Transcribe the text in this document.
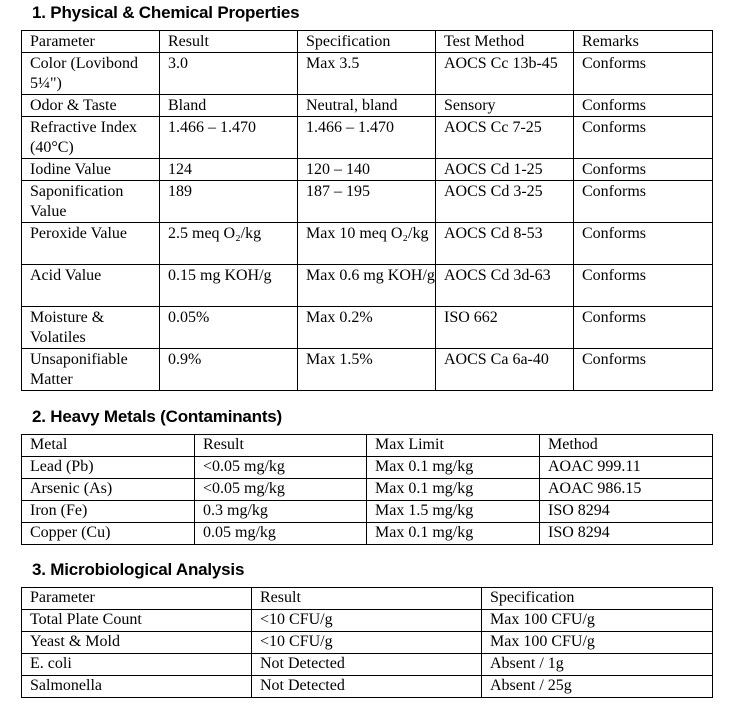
1. Physical & Chemical Properties
Parameter	Result	Specification	Test Method	Remarks
Color (Lovibond 5¼")	3.0	Max 3.5	AOCS Cc 13b-45	Conforms
Odor & Taste	Bland	Neutral, bland	Sensory	Conforms
Refractive Index (40°C)	1.466 – 1.470	1.466 – 1.470	AOCS Cc 7-25	Conforms
Iodine Value	124	120 – 140	AOCS Cd 1-25	Conforms
Saponification Value	189	187 – 195	AOCS Cd 3-25	Conforms
Peroxide Value	2.5 meq O₂/kg	Max 10 meq O₂/kg	AOCS Cd 8-53	Conforms
Acid Value	0.15 mg KOH/g	Max 0.6 mg KOH/g	AOCS Cd 3d-63	Conforms
Moisture & Volatiles	0.05%	Max 0.2%	ISO 662	Conforms
Unsaponifiable Matter	0.9%	Max 1.5%	AOCS Ca 6a-40	Conforms
2. Heavy Metals (Contaminants)
Metal	Result	Max Limit	Method
Lead (Pb)	<0.05 mg/kg	Max 0.1 mg/kg	AOAC 999.11
Arsenic (As)	<0.05 mg/kg	Max 0.1 mg/kg	AOAC 986.15
Iron (Fe)	0.3 mg/kg	Max 1.5 mg/kg	ISO 8294
Copper (Cu)	0.05 mg/kg	Max 0.1 mg/kg	ISO 8294
3. Microbiological Analysis
Parameter	Result	Specification
Total Plate Count	<10 CFU/g	Max 100 CFU/g
Yeast & Mold	<10 CFU/g	Max 100 CFU/g
E. coli	Not Detected	Absent / 1g
Salmonella	Not Detected	Absent / 25g
